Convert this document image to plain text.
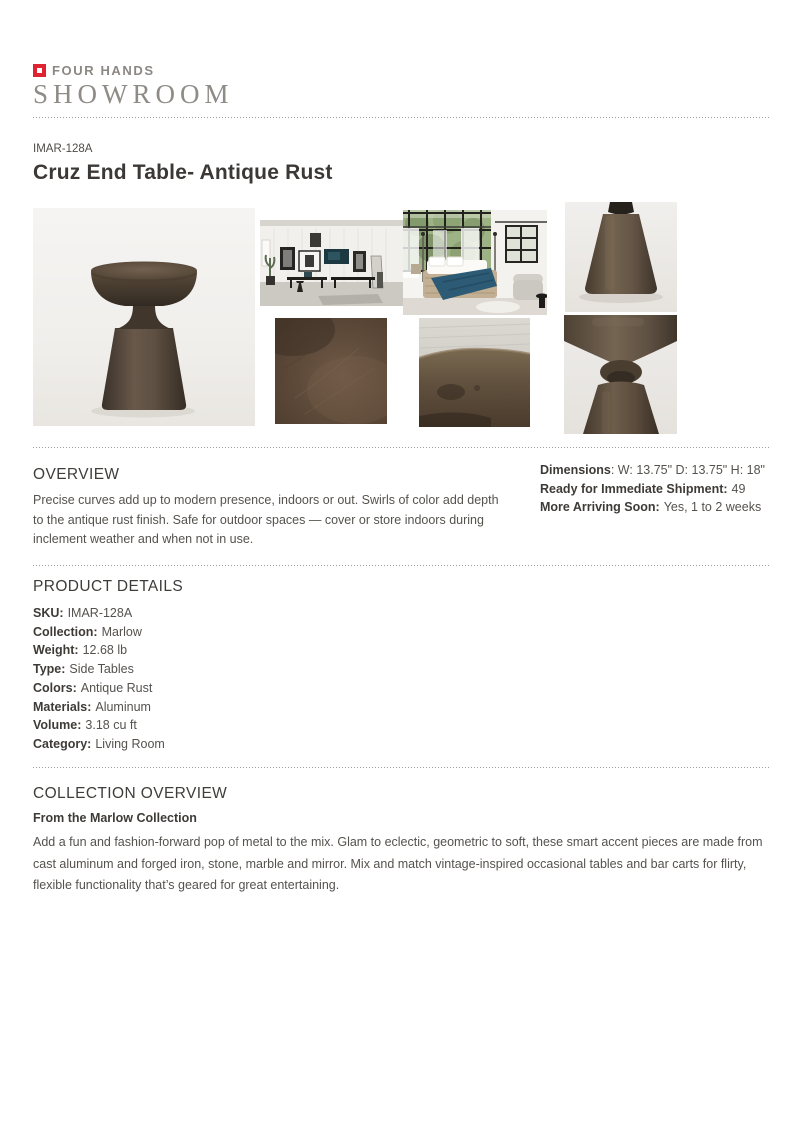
FOUR HANDS
SHOWROOM
IMAR-128A
Cruz End Table- Antique Rust
OVERVIEW

Precise curves add up to modern presence, indoors or out. Swirls of color add depth to the antique rust finish. Safe for outdoor spaces — cover or store indoors during inclement weather and when not in use.

Dimensions: W: 13.75" D: 13.75" H: 18"
Ready for Immediate Shipment: 49
More Arriving Soon: Yes, 1 to 2 weeks
PRODUCT DETAILS
SKU: IMAR-128A
Collection: Marlow
Weight: 12.68 lb
Type: Side Tables
Colors: Antique Rust
Materials: Aluminum
Volume: 3.18 cu ft
Category: Living Room
COLLECTION OVERVIEW
From the Marlow Collection

Add a fun and fashion-forward pop of metal to the mix. Glam to eclectic, geometric to soft, these smart accent pieces are made from cast aluminum and forged iron, stone, marble and mirror. Mix and match vintage-inspired occasional tables and bar carts for flirty, flexible functionality that’s geared for great entertaining.
